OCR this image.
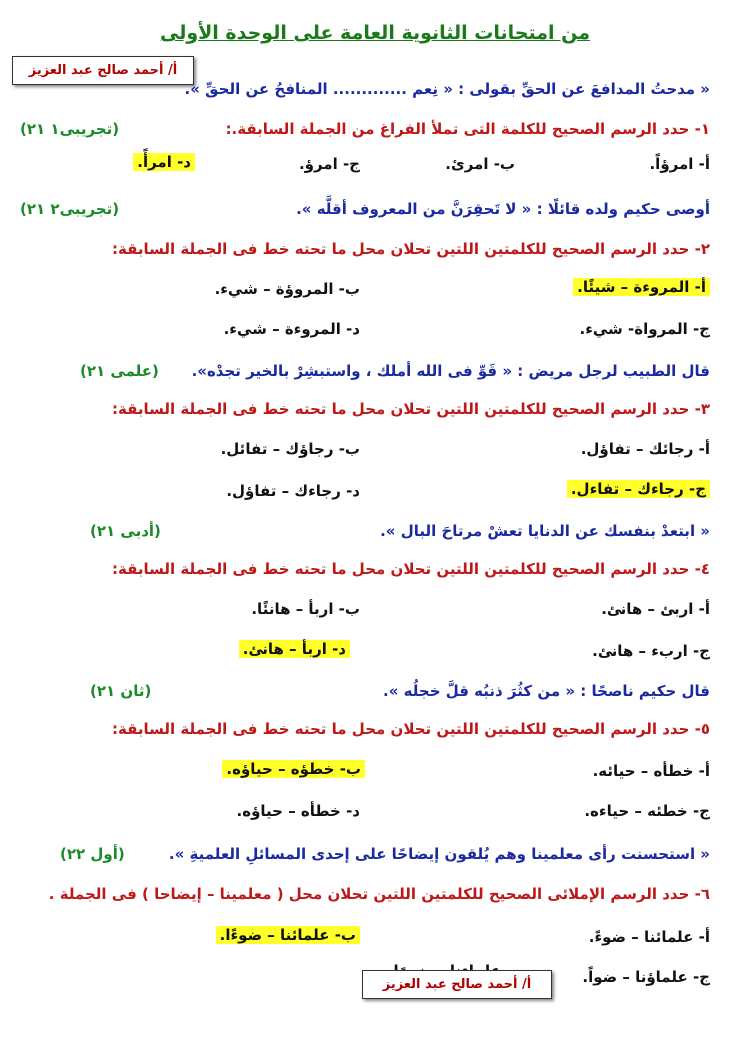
من امتحانات الثانوية العامة على الوحدة الأولى
أ/ أحمد صالح عبد العزيز
« مدحتُ المدافعَ عن الحقِّ بقولى : « نِعم ............. المنافحُ عن الحقِّ ».
١- حدد الرسم الصحيح للكلمة التى تملأ الفراغ من الجملة السابقة.:
(تجريبى١ ٢١)
أ- امرؤاً.
ب- امرئ.
ج- امرؤ.
د- امرأً.
أوصى حكيم ولده قائلًا : « لا تَحقِرَنَّ من المعروف أقلَّه ».
(تجريبى٢ ٢١)
٢- حدد الرسم الصحيح للكلمتين اللتين تحلان محل ما تحته خط فى الجملة السابقة:
أ- المروءة – شيئًا.
ب- المروؤة – شيء.
ج- المرواة- شيء.
د- المروءة – شيء.
قال الطبيب لرجل مريض : « قَوِّ فى الله أملك ، واستبشِرْ بالخير تجدْه».
(علمى ٢١)
٣- حدد الرسم الصحيح للكلمتين اللتين تحلان محل ما تحته خط فى الجملة السابقة:
أ- رجائك – تفاؤل.
ب- رجاؤك – تفائل.
ج- رجاءك – تفاءل.
د- رجاءك – تفاؤل.
« ابتعدْ بنفسك عن الدنايا تعشْ مرتاحَ البال ».
(أدبى ٢١)
٤- حدد الرسم الصحيح للكلمتين اللتين تحلان محل ما تحته خط فى الجملة السابقة:
أ- اربئ – هانئ.
ب- اربأ – هانئًا.
ج- اربء – هانئ.
د- اربأ – هانئ.
قال حكيم ناصحًا : « من كثُرَ ذنبُه قلَّ خجلُه ».
(ثان ٢١)
٥- حدد الرسم الصحيح للكلمتين اللتين تحلان محل ما تحته خط فى الجملة السابقة:
أ- خطأه – حيائه.
ب- خطؤه – حياؤه.
ج- خطئه – حياءه.
د- خطأه – حياؤه.
« استحسنت رأى معلمينا وهم يُلقون إيضاحًا على إحدى المسائلِ العلميةِ ».
(أول ٢٢)
٦- حدد الرسم الإملائى الصحيح للكلمتين اللتين تحلان محل ( معلمينا – إيضاحا ) فى الجملة .
أ- علمائنا – ضوءً.
ب- علمائنا – ضوءًا.
ج- علماؤنا – ضواً.
أ/ أحمد صالح عبد العزيز
